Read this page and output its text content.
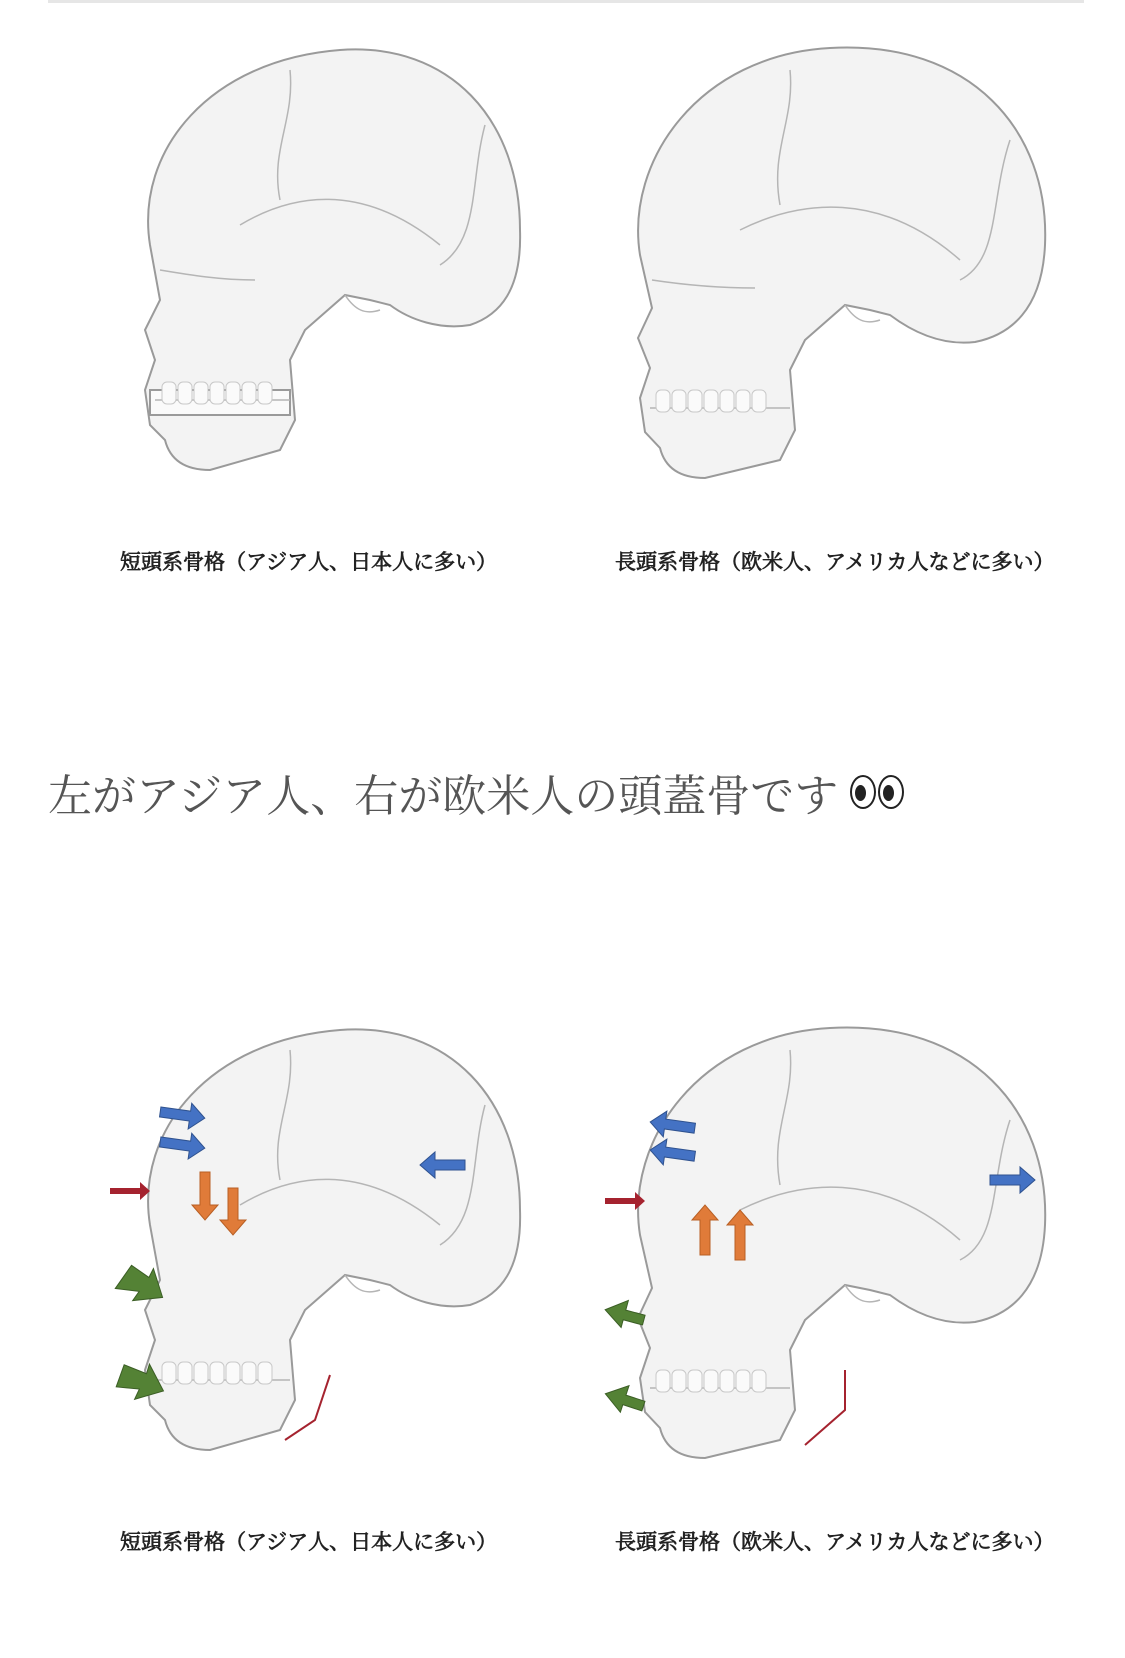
短頭系骨格（アジア人、日本人に多い）	長頭系骨格（欧米人、アメリカ人などに多い）
左がアジア人、右が欧米人の頭蓋骨です
短頭系骨格（アジア人、日本人に多い）	長頭系骨格（欧米人、アメリカ人などに多い）
